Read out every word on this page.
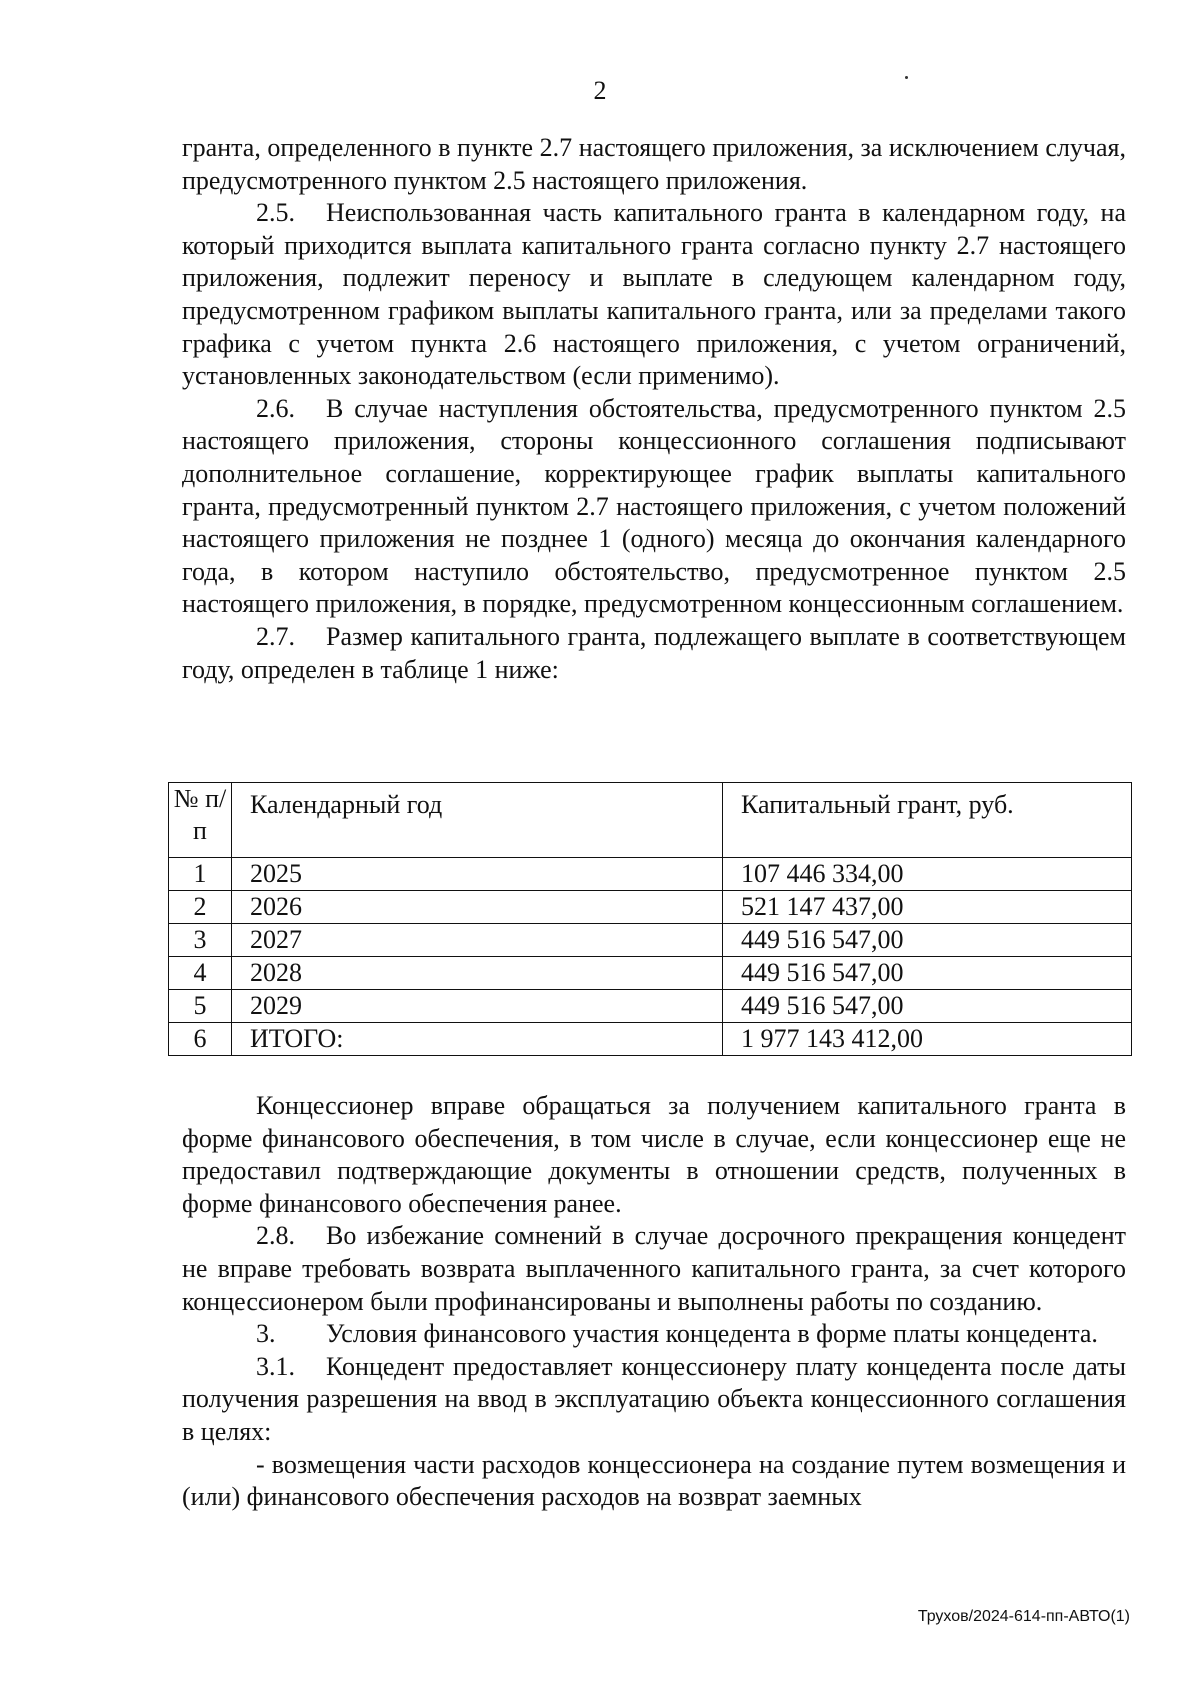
2

гранта, определенного в пункте 2.7 настоящего приложения, за исключением случая, предусмотренного пунктом 2.5 настоящего приложения.

2.5. Неиспользованная часть капитального гранта в календарном году, на который приходится выплата капитального гранта согласно пункту 2.7 настоящего приложения, подлежит переносу и выплате в следующем календарном году, предусмотренном графиком выплаты капитального гранта, или за пределами такого графика с учетом пункта 2.6 настоящего приложения, с учетом ограничений, установленных законодательством (если применимо).

2.6. В случае наступления обстоятельства, предусмотренного пунктом 2.5 настоящего приложения, стороны концессионного соглашения подписывают дополнительное соглашение, корректирующее график выплаты капитального гранта, предусмотренный пунктом 2.7 настоящего приложения, с учетом положений настоящего приложения не позднее 1 (одного) месяца до окончания календарного года, в котором наступило обстоятельство, предусмотренное пунктом 2.5 настоящего приложения, в порядке, предусмотренном концессионным соглашением.

2.7. Размер капитального гранта, подлежащего выплате в соответствующем году, определен в таблице 1 ниже:

№ п/п	Календарный год	Капитальный грант, руб.
1	2025	107 446 334,00
2	2026	521 147 437,00
3	2027	449 516 547,00
4	2028	449 516 547,00
5	2029	449 516 547,00
6	ИТОГО:	1 977 143 412,00

Концессионер вправе обращаться за получением капитального гранта в форме финансового обеспечения, в том числе в случае, если концессионер еще не предоставил подтверждающие документы в отношении средств, полученных в форме финансового обеспечения ранее.

2.8. Во избежание сомнений в случае досрочного прекращения концедент не вправе требовать возврата выплаченного капитального гранта, за счет которого концессионером были профинансированы и выполнены работы по созданию.

3. Условия финансового участия концедента в форме платы концедента.

3.1. Концедент предоставляет концессионеру плату концедента после даты получения разрешения на ввод в эксплуатацию объекта концессионного соглашения в целях:

- возмещения части расходов концессионера на создание путем возмещения и (или) финансового обеспечения расходов на возврат заемных

Трухов/2024-614-пп-АВТО(1)
